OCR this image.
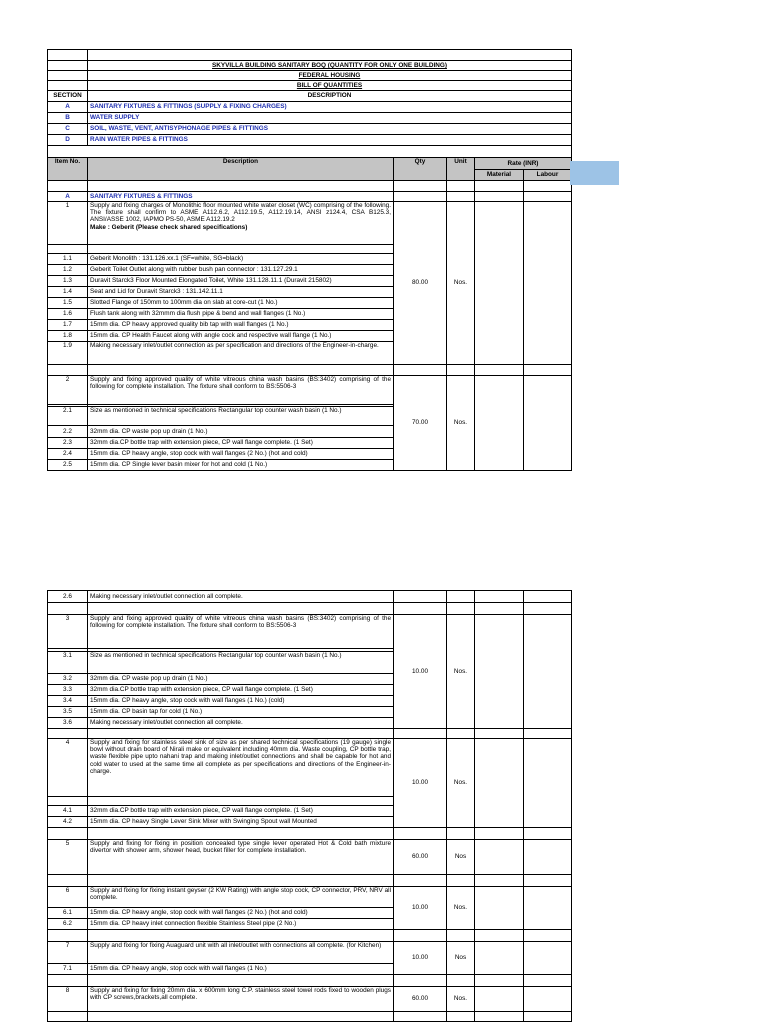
	SKYVILLA BUILDING SANITARY BOQ (QUANTITY FOR ONLY ONE BUILDING)				
	FEDERAL HOUSING				
	BILL OF QUANTITIES				
SECTION	DESCRIPTION				
A	SANITARY FIXTURES & FITTINGS (SUPPLY & FIXING CHARGES)				
B	WATER SUPPLY				
C	SOIL, WASTE, VENT, ANTISYPHONAGE PIPES & FITTINGS				
D	RAIN WATER PIPES & FITTINGS				

Item No.	Description	Qty	Unit	Rate (INR)	
				Material	Labour

A	SANITARY FIXTURES & FITTINGS				
1	Supply and fixing charges of Monolithic floor mounted white water closet (WC) comprising of the following. The fixture shall confirm to ASME A112.6.2, A112.19.5, A112.19.14, ANSI z124.4, CSA B125.3, ANSI/ASSE 1002, IAPMO PS-50, ASME A112.19.2
Make : Geberit (Please check shared specifications)	80.00	Nos.		

1.1	Geberit Monolith : 131.126.xx.1 (SF=white, SG=black)				
1.2	Geberit Toilet Outlet along with rubber bush pan connector : 131.127.29.1				
1.3	Duravit Starck3 Floor Mounted Elongated Toilet, White 131.128.11.1 (Duravit 215802)				
1.4	Seat and Lid for Duravit Starck3 : 131.142.11.1				
1.5	Slotted Flange of 150mm to 100mm dia on slab at core-cut (1 No.)				
1.6	Flush tank along with 32mmm dia flush pipe & bend and wall flanges (1 No.)				
1.7	15mm dia. CP heavy approved quality bib tap with wall flanges (1 No.)				
1.8	15mm dia. CP Health Faucet along with angle cock and respective wall flange (1 No.)				
1.9	Making necessary inlet/outlet connection as per specification and directions of the Engineer-in-charge.				

2	Supply and fixing approved quality of white vitreous china wash basins (BS:3402) comprising of the following for complete installation. The fixture shall conform to BS:5506-3	70.00	Nos.		

2.1	Size as mentioned in technical specifications Rectangular top counter wash basin (1 No.)				
2.2	32mm dia. CP waste pop up drain (1 No.)				
2.3	32mm dia.CP bottle trap with extension piece, CP wall flange complete. (1 Set)				
2.4	15mm dia. CP heavy angle, stop cock with wall flanges (2 No.) (hot and cold)				
2.5	15mm dia. CP Single lever basin mixer for hot and cold (1 No.)				
2.6	Making necessary inlet/outlet connection all complete.				

3	Supply and fixing approved quality of white vitreous china wash basins (BS:3402) comprising of the following for complete installation. The fixture shall conform to BS:5506-3	10.00	Nos.		

3.1	Size as mentioned in technical specifications Rectangular top counter wash basin (1 No.)				
3.2	32mm dia. CP waste pop up drain (1 No.)				
3.3	32mm dia.CP bottle trap with extension piece, CP wall flange complete. (1 Set)				
3.4	15mm dia. CP heavy angle, stop cock with wall flanges (1 No.) (cold)				
3.5	15mm dia. CP basin tap for cold (1 No.)				
3.6	Making necessary inlet/outlet connection all complete.				

4	Supply and fixing for stainless steel sink of size as per shared technical specifications (19 gauge) single bowl without drain board of Nirali make or equivalent including 40mm dia. Waste coupling, CP bottle trap, waste flexible pipe upto nahani trap and making inlet/outlet connections and shall be capable for hot and cold water to used at the same time all complete as per specifications and directions of the Engineer-in-charge.	10.00	Nos.		

4.1	32mm dia.CP bottle trap with extension piece, CP wall flange complete. (1 Set)				
4.2	15mm dia. CP heavy Single Lever Sink Mixer with Swinging Spout wall Mounted				

5	Supply and fixing for fixing in position concealed type single lever operated Hot & Cold bath mixture divertor with shower arm, shower head, bucket filler for complete installation.	60.00	Nos		

6	Supply and fixing for fixing instant geyser (2 KW Rating) with angle stop cock, CP connector, PRV, NRV all complete.	10.00	Nos.		
6.1	15mm dia. CP heavy angle, stop cock with wall flanges (2 No.) (hot and cold)				
6.2	15mm dia. CP heavy inlet connection flexible Stainless Steel pipe (2 No.)				

7	Supply and fixing for fixing Auaguard unit with all inlet/outlet with connections all complete. (for Kitchen)	10.00	Nos		
7.1	15mm dia. CP heavy angle, stop cock with wall flanges (1 No.)				

8	Supply and fixing for fixing 20mm dia. x 600mm long C.P. stainless steel towel rods fixed to wooden plugs with CP screws,brackets,all complete.	60.00	Nos.		
